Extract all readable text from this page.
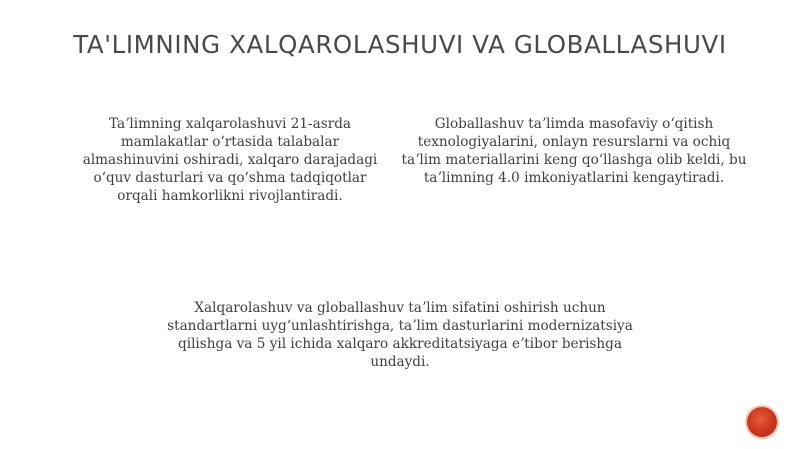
TA'LIMNING XALQAROLASHUVI VA GLOBALLASHUVI
Taʼlimning xalqarolashuvi 21-asrda mamlakatlar oʻrtasida talabalar almashinuvini oshiradi, xalqaro darajadagi oʻquv dasturlari va qoʻshma tadqiqotlar orqali hamkorlikni rivojlantiradi.
Globallashuv taʼlimda masofaviy oʻqitish texnologiyalarini, onlayn resurslarni va ochiq taʼlim materiallarini keng qoʻllashga olib keldi, bu taʼlimning 4.0 imkoniyatlarini kengaytiradi.
Xalqarolashuv va globallashuv taʼlim sifatini oshirish uchun standartlarni uygʻunlashtirishga, taʼlim dasturlarini modernizatsiya qilishga va 5 yil ichida xalqaro akkreditatsiyaga eʼtibor berishga undaydi.
